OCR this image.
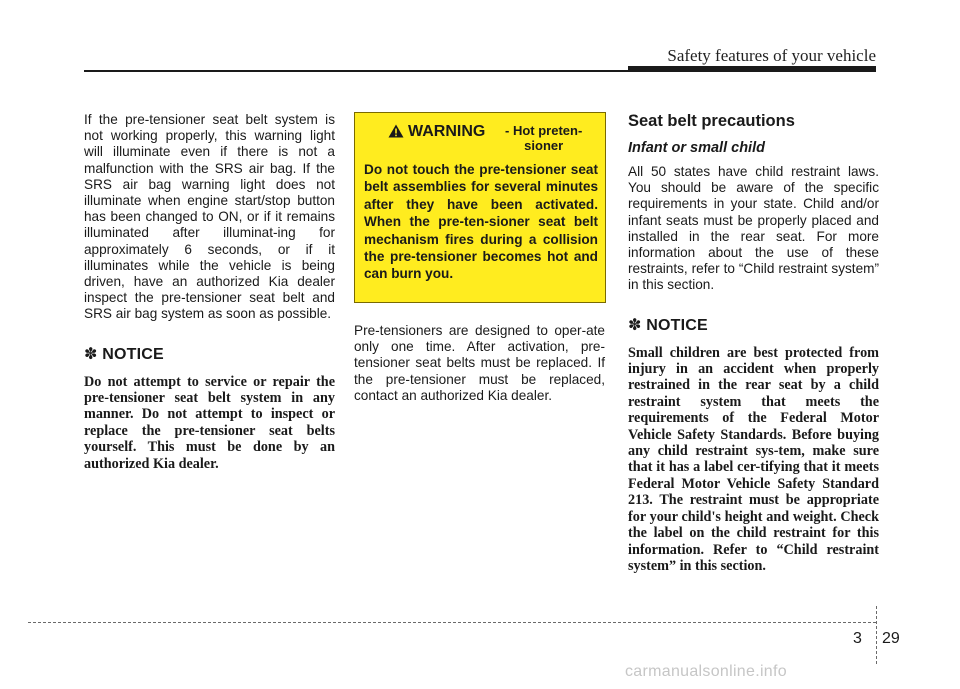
Safety features of your vehicle

If the pre-tensioner seat belt system is not working properly, this warning light will illuminate even if there is not a malfunction with the SRS air bag. If the SRS air bag warning light does not illuminate when engine start/stop button has been changed to ON, or if it remains illuminated after illuminat-ing for approximately 6 seconds, or if it illuminates while the vehicle is being driven, have an authorized Kia dealer inspect the pre-tensioner seat belt and SRS air bag system as soon as possible.

✽ NOTICE

Do not attempt to service or repair the pre-tensioner seat belt system in any manner. Do not attempt to inspect or replace the pre-tensioner seat belts yourself. This must be done by an authorized Kia dealer.

WARNING	- Hot preten-sioner

Do not touch the pre-tensioner seat belt assemblies for several minutes after they have been activated. When the pre-ten-sioner seat belt mechanism fires during a collision the pre-tensioner becomes hot and can burn you.

Pre-tensioners are designed to oper-ate only one time. After activation, pre-tensioner seat belts must be replaced. If the pre-tensioner must be replaced, contact an authorized Kia dealer.

Seat belt precautions

Infant or small child

All 50 states have child restraint laws. You should be aware of the specific requirements in your state. Child and/or infant seats must be properly placed and installed in the rear seat. For more information about the use of these restraints, refer to “Child restraint system” in this section.

✽ NOTICE

Small children are best protected from injury in an accident when properly restrained in the rear seat by a child restraint system that meets the requirements of the Federal Motor Vehicle Safety Standards. Before buying any child restraint sys-tem, make sure that it has a label cer-tifying that it meets Federal Motor Vehicle Safety Standard 213. The restraint must be appropriate for your child's height and weight. Check the label on the child restraint for this information. Refer to “Child restraint system” in this section.

3 29
carmanualsonline.info
